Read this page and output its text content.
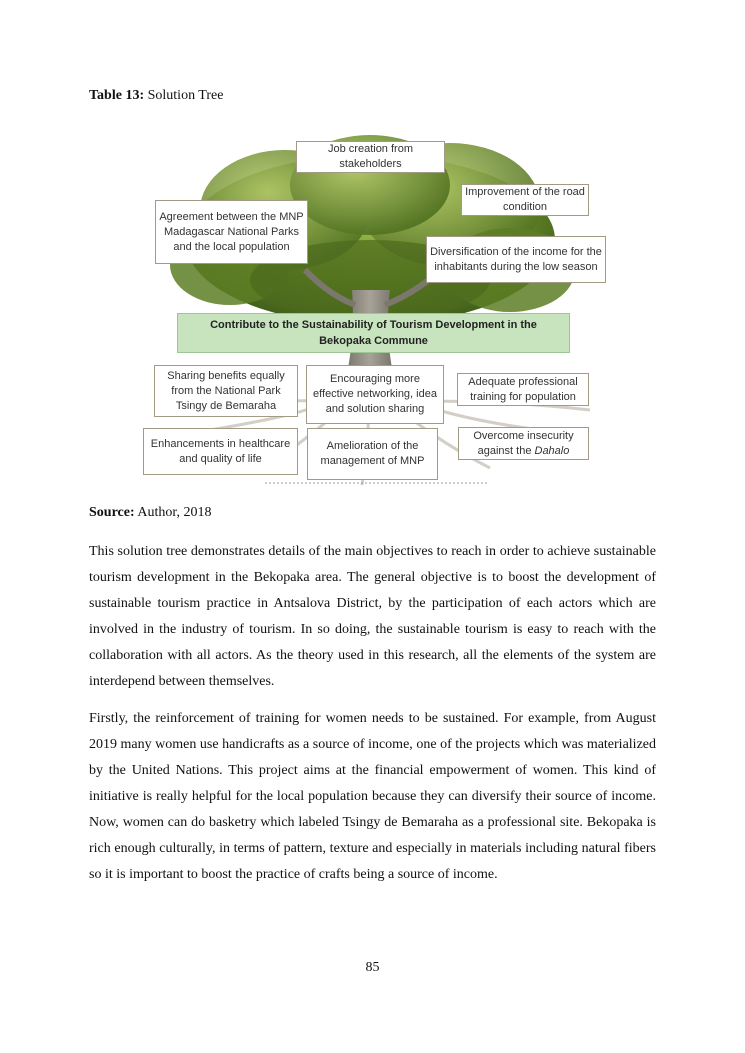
Table 13: Solution Tree
Job creation from stakeholders
Agreement between the MNP Madagascar National Parks and the local population
Improvement of the road condition
Diversification of the income for the inhabitants during the low season
Contribute to the Sustainability of Tourism Development in the Bekopaka Commune
Sharing benefits equally from the National Park Tsingy de Bemaraha
Encouraging more effective networking, idea and solution sharing
Adequate professional training for population
Enhancements in healthcare and quality of life
Amelioration of the management of MNP
Overcome insecurity against the Dahalo
Source: Author, 2018

This solution tree demonstrates details of the main objectives to reach in order to achieve sustainable tourism development in the Bekopaka area. The general objective is to boost the development of sustainable tourism practice in Antsalova District, by the participation of each actors which are involved in the industry of tourism. In so doing, the sustainable tourism is easy to reach with the collaboration with all actors. As the theory used in this research, all the elements of the system are interdepend between themselves.

Firstly, the reinforcement of training for women needs to be sustained. For example, from August 2019 many women use handicrafts as a source of income, one of the projects which was materialized by the United Nations. This project aims at the financial empowerment of women. This kind of initiative is really helpful for the local population because they can diversify their source of income. Now, women can do basketry which labeled Tsingy de Bemaraha as a professional site. Bekopaka is rich enough culturally, in terms of pattern, texture and especially in materials including natural fibers so it is important to boost the practice of crafts being a source of income.

85
